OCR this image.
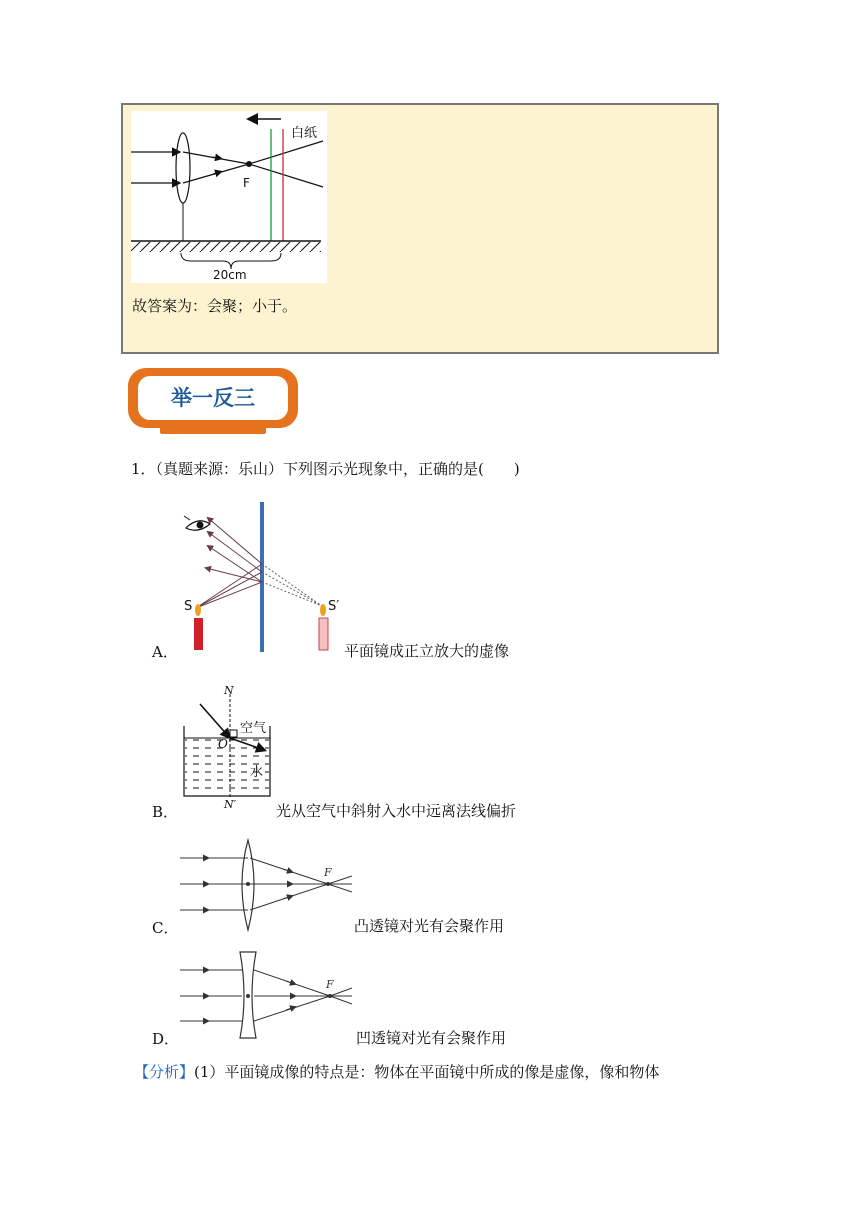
F
白纸
20cm
故答案为：会聚；小于。
举一反三
1．（真题来源：乐山）下列图示光现象中，正确的是(　　)
S	S′
A．	平面镜成正立放大的虚像
N
N′
O
空气
水
B．	光从空气中斜射入水中远离法线偏折
F
C．	凸透镜对光有会聚作用
F
D．	凹透镜对光有会聚作用
【分析】(1）平面镜成像的特点是：物体在平面镜中所成的像是虚像，像和物体
